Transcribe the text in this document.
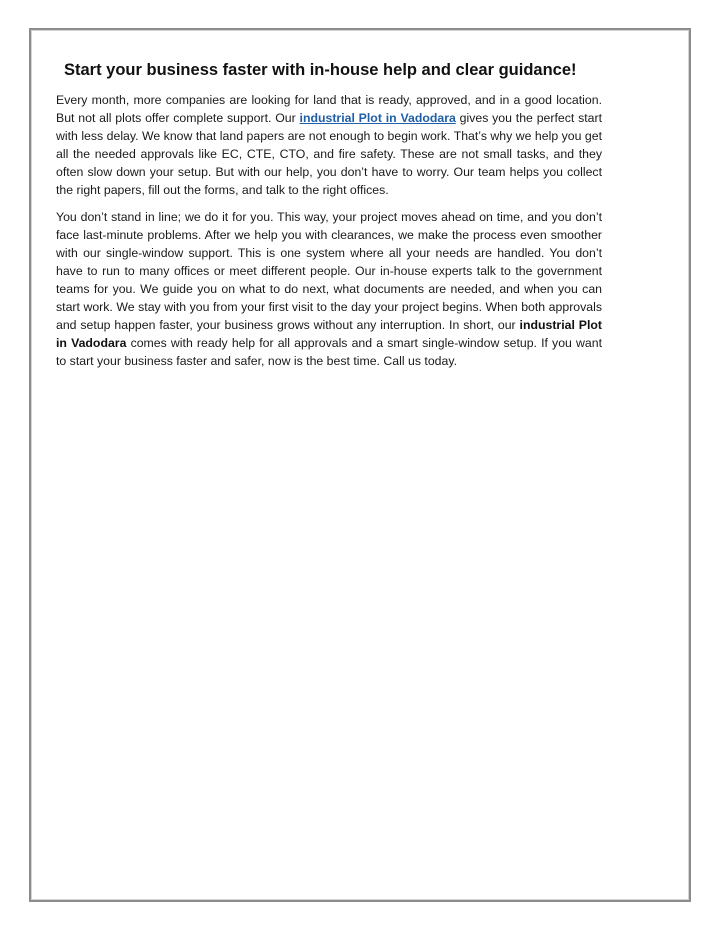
Start your business faster with in-house help and clear guidance!

Every month, more companies are looking for land that is ready, approved, and in a good location. But not all plots offer complete support. Our industrial Plot in Vadodara gives you the perfect start with less delay. We know that land papers are not enough to begin work. That’s why we help you get all the needed approvals like EC, CTE, CTO, and fire safety. These are not small tasks, and they often slow down your setup. But with our help, you don’t have to worry. Our team helps you collect the right papers, fill out the forms, and talk to the right offices.

You don’t stand in line; we do it for you. This way, your project moves ahead on time, and you don’t face last-minute problems. After we help you with clearances, we make the process even smoother with our single-window support. This is one system where all your needs are handled. You don’t have to run to many offices or meet different people. Our in-house experts talk to the government teams for you. We guide you on what to do next, what documents are needed, and when you can start work. We stay with you from your first visit to the day your project begins. When both approvals and setup happen faster, your business grows without any interruption. In short, our industrial Plot in Vadodara comes with ready help for all approvals and a smart single-window setup. If you want to start your business faster and safer, now is the best time. Call us today.
